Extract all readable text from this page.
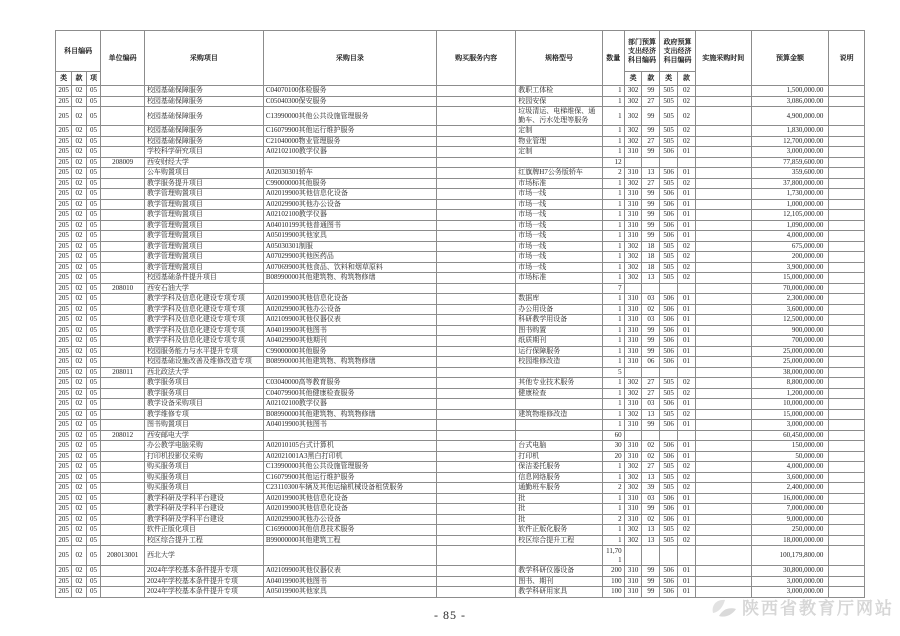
科目编码			单位编码	采购项目	采购目录	购买服务内容	规格型号	数量	部门预算支出经济科目编码		政府预算支出经济科目编码		实施采购时间	预算金额	说明
类	款	项							类	款	类	款			
205	02	05		校园基础保障服务	C04070100体检服务		教职工体检	1	302	99	505	02		1,500,000.00	
205	02	05		校园基础保障服务	C05040300保安服务		校园安保	1	302	27	505	02		3,086,000.00	
205	02	05		校园基础保障服务	C13990000其他公共设施管理服务		垃圾清运、电梯维保、通勤车、污水处理等服务	1	302	99	505	02		4,900,000.00	
205	02	05		校园基础保障服务	C16079900其他运行维护服务		定制	1	302	99	505	02		1,830,000.00	
205	02	05		校园基础保障服务	C21040000物业管理服务		物业管理	1	302	27	505	02		12,700,000.00	
205	02	05		学校科学研究项目	A02102100教学仪器		定制	1	310	99	506	01		3,000,000.00	
205	02	05	208009	西安财经大学				12						77,859,600.00	
205	02	05		公车购置项目	A02030301轿车		红旗牌H7公务版轿车	2	310	13	506	01		359,600.00	
205	02	05		教学服务提升项目	C99000000其他服务		市场标准	1	302	27	505	02		37,800,000.00	
205	02	05		教学管理购置项目	A02019900其他信息化设备		市场一线	1	310	99	506	01		1,730,000.00	
205	02	05		教学管理购置项目	A02029900其他办公设备		市场一线	1	310	99	506	01		1,000,000.00	
205	02	05		教学管理购置项目	A02102100教学仪器		市场一线	1	310	99	506	01		12,105,000.00	
205	02	05		教学管理购置项目	A04010199其他普通图书		市场一线	1	310	99	506	01		1,090,000.00	
205	02	05		教学管理购置项目	A05019900其他家具		市场一线	1	310	99	506	01		4,000,000.00	
205	02	05		教学管理购置项目	A05030301制服		市场一线	1	302	18	505	02		675,000.00	
205	02	05		教学管理购置项目	A07029900其他医药品		市场一线	1	302	18	505	02		200,000.00	
205	02	05		教学管理购置项目	A07069900其他食品、饮料和烟草原料		市场一线	1	302	18	505	02		3,900,000.00	
205	02	05		校园基础条件提升项目	B08990000其他建筑物、构筑物修缮		市场标准	1	302	13	505	02		15,000,000.00	
205	02	05	208010	西安石油大学				7						70,000,000.00	
205	02	05		教学学科及信息化建设专项专项	A02019900其他信息化设备		数据库	1	310	03	506	01		2,300,000.00	
205	02	05		教学学科及信息化建设专项专项	A02029900其他办公设备		办公用设备	1	310	02	506	01		3,600,000.00	
205	02	05		教学学科及信息化建设专项专项	A02109900其他仪器仪表		科研教学用设备	1	310	03	506	01		12,500,000.00	
205	02	05		教学学科及信息化建设专项专项	A04019900其他图书		图书购置	1	310	99	506	01		900,000.00	
205	02	05		教学学科及信息化建设专项专项	A04029900其他期刊		纸质期刊	1	310	99	506	01		700,000.00	
205	02	05		校园服务能力与水平提升专项	C99000000其他服务		运行保障服务	1	310	99	506	01		25,000,000.00	
205	02	05		校园基础设施改善及维修改造专项	B08990000其他建筑物、构筑物修缮		校园维修改造	1	310	06	506	01		25,000,000.00	
205	02	05	208011	西北政法大学				5						38,000,000.00	
205	02	05		教学服务项目	C03040000高等教育服务		其他专业技术服务	1	302	27	505	02		8,800,000.00	
205	02	05		教学服务项目	C04079900其他健康检查服务		健康检查	1	302	27	505	02		1,200,000.00	
205	02	05		教学设备采购项目	A02102100教学仪器			1	310	03	506	01		10,000,000.00	
205	02	05		教学维修专项	B08990000其他建筑物、构筑物修缮		建筑物维修改造	1	302	13	505	02		15,000,000.00	
205	02	05		图书购置项目	A04019900其他图书			1	310	99	506	01		3,000,000.00	
205	02	05	208012	西安邮电大学				60						60,450,000.00	
205	02	05		办公教学电脑采购	A02010105台式计算机		台式电脑	30	310	02	506	01		150,000.00	
205	02	05		打印机投影仪采购	A02021001A3黑白打印机		打印机	20	310	02	506	01		50,000.00	
205	02	05		购买服务项目	C13990000其他公共设施管理服务		保洁委托服务	1	302	27	505	02		4,000,000.00	
205	02	05		购买服务项目	C16079900其他运行维护服务		信息网络服务	1	302	13	505	02		3,600,000.00	
205	02	05		购买服务项目	C23110300车辆及其他运输机械设备租赁服务		通勤班车服务	2	302	39	505	02		2,400,000.00	
205	02	05		教学科研及学科平台建设	A02019900其他信息化设备		批	1	310	03	506	01		16,000,000.00	
205	02	05		教学科研及学科平台建设	A02019900其他信息化设备		批	1	310	99	506	01		7,000,000.00	
205	02	05		教学科研及学科平台建设	A02029900其他办公设备		批	2	310	02	506	01		9,000,000.00	
205	02	05		软件正版化项目	C16990000其他信息技术服务		软件正版化服务	1	302	13	505	02		250,000.00	
205	02	05		校区综合提升工程	B99000000其他建筑工程		校区综合提升工程	1	302	13	505	02		18,000,000.00	
205	02	05	208013001	西北大学				11,701						100,179,800.00	
205	02	05		2024年学校基本条件提升专项	A02109900其他仪器仪表		教学科研仪器设备	200	310	99	506	01		30,800,000.00	
205	02	05		2024年学校基本条件提升专项	A04019900其他图书		图书、期刊	100	310	99	506	01		3,000,000.00	
205	02	05		2024年学校基本条件提升专项	A05019900其他家具		教学科研用家具	100	310	99	506	01		3,000,000.00	
- 85 -	陕西省教育厅网站
